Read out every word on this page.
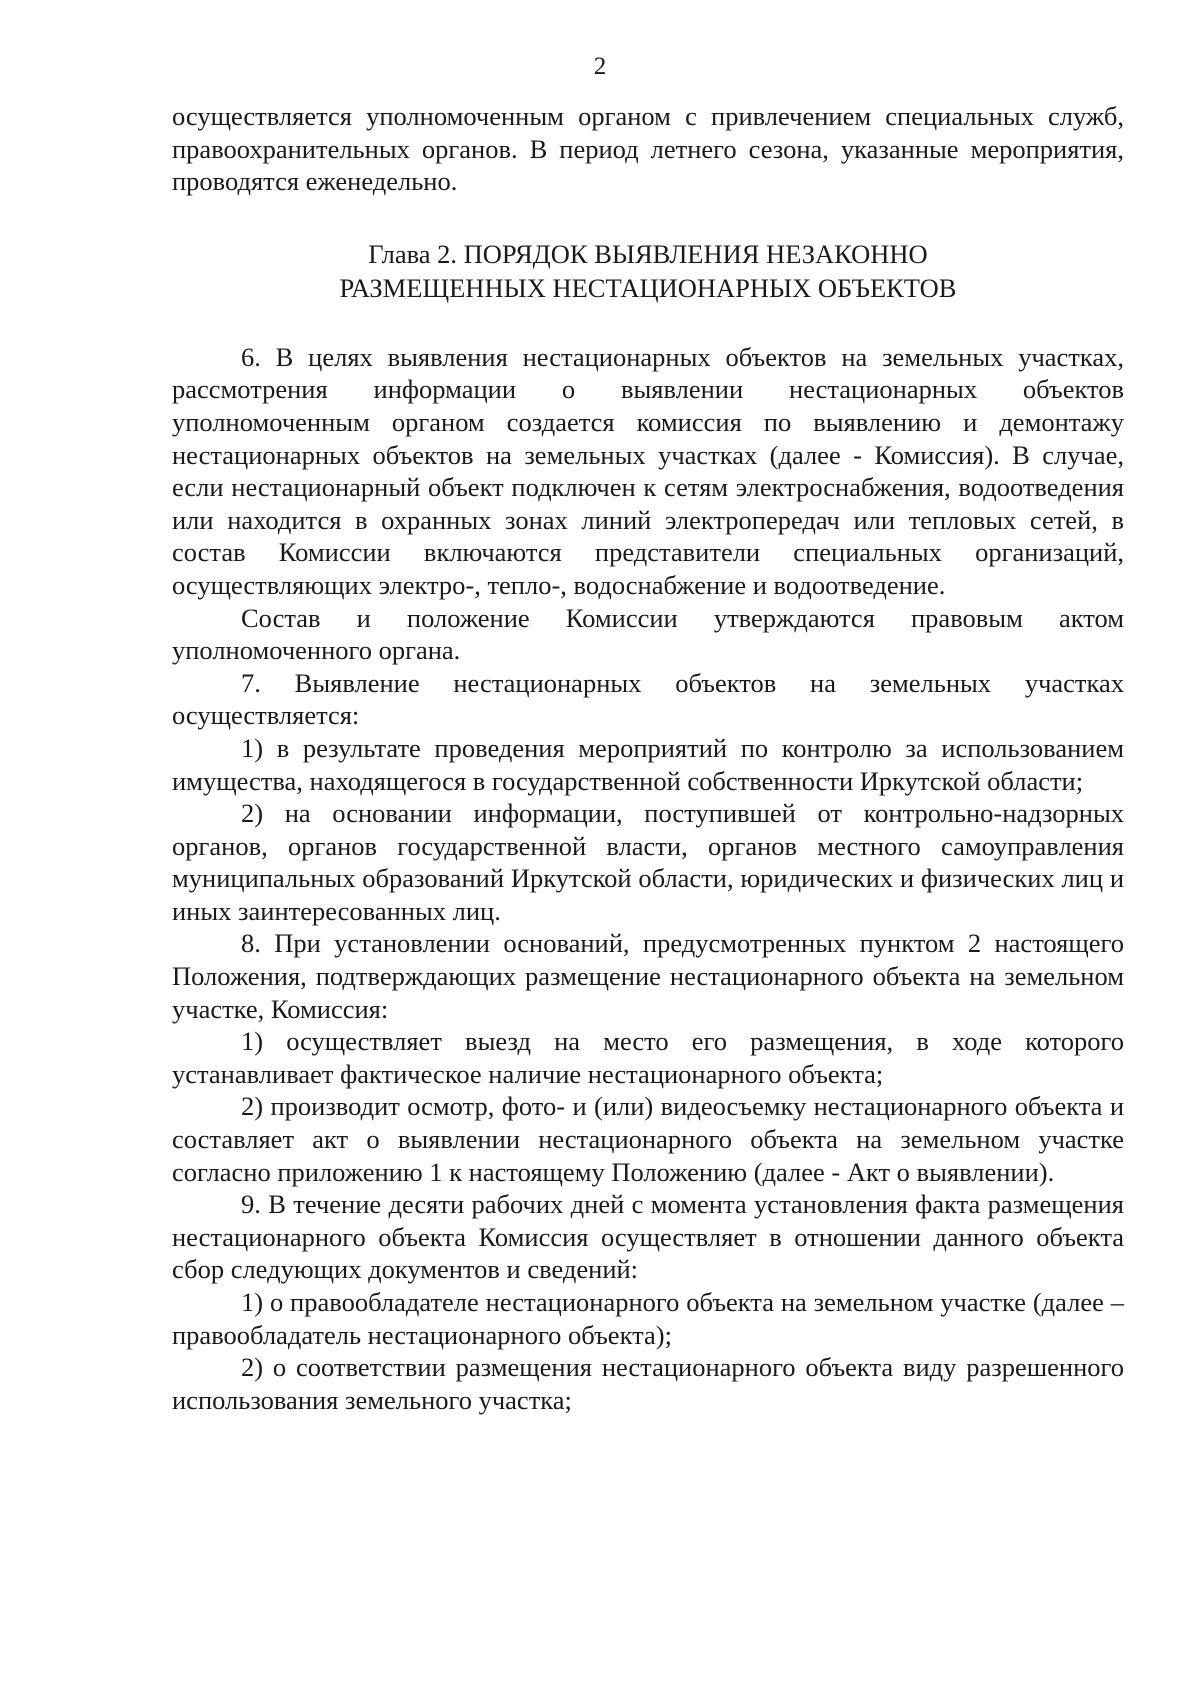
2

осуществляется уполномоченным органом с привлечением специальных служб, правоохранительных органов. В период летнего сезона, указанные мероприятия, проводятся еженедельно.

Глава 2. ПОРЯДОК ВЫЯВЛЕНИЯ НЕЗАКОННО
РАЗМЕЩЕННЫХ НЕСТАЦИОНАРНЫХ ОБЪЕКТОВ

6. В целях выявления нестационарных объектов на земельных участках, рассмотрения информации о выявлении нестационарных объектов уполномоченным органом создается комиссия по выявлению и демонтажу нестационарных объектов на земельных участках (далее - Комиссия). В случае, если нестационарный объект подключен к сетям электроснабжения, водоотведения или находится в охранных зонах линий электропередач или тепловых сетей, в состав Комиссии включаются представители специальных организаций, осуществляющих электро-, тепло-, водоснабжение и водоотведение.

Состав и положение Комиссии утверждаются правовым актом уполномоченного органа.

7. Выявление нестационарных объектов на земельных участках осуществляется:

1) в результате проведения мероприятий по контролю за использованием имущества, находящегося в государственной собственности Иркутской области;

2) на основании информации, поступившей от контрольно-надзорных органов, органов государственной власти, органов местного самоуправления муниципальных образований Иркутской области, юридических и физических лиц и иных заинтересованных лиц.

8. При установлении оснований, предусмотренных пунктом 2 настоящего Положения, подтверждающих размещение нестационарного объекта на земельном участке, Комиссия:

1) осуществляет выезд на место его размещения, в ходе которого устанавливает фактическое наличие нестационарного объекта;

2) производит осмотр, фото- и (или) видеосъемку нестационарного объекта и составляет акт о выявлении нестационарного объекта на земельном участке согласно приложению 1 к настоящему Положению (далее - Акт о выявлении).

9. В течение десяти рабочих дней с момента установления факта размещения нестационарного объекта Комиссия осуществляет в отношении данного объекта сбор следующих документов и сведений:

1) о правообладателе нестационарного объекта на земельном участке (далее – правообладатель нестационарного объекта);

2) о соответствии размещения нестационарного объекта виду разрешенного использования земельного участка;
